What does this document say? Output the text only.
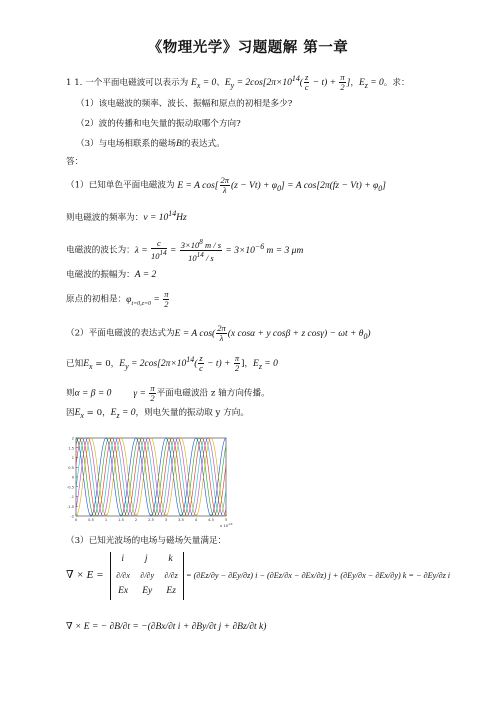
《物理光学》习题题解 第一章
1 1. 一个平面电磁波可以表示为 $E_x = 0$、$E_y = 2\cos[2\pi\times 10^{14}( \frac{z}{c} - t) + \frac{\pi}{2}$ ]，$E_z = 0$。求：
（1）该电磁波的频率、波长、振幅和原点的初相是多少?
（2）波的传播和电矢量的振动取哪个方向?
（3）与电场相联系的磁场B的表达式。
答：
（1）已知单色平面电磁波为 E = A $\cos[ \frac{2\pi}{\lambda} (z - Vt) + \varphi_0] = A$ $\cos[2\pi(fz - Vt) + \varphi_0]$
则电磁波的频率为：$\nu = 10^{14}Hz$
电磁波的波长为：$\lambda = \frac{c}{10^{14}} = \frac{3\times 10^8 m / s}{10^{14} / s} = 3\times 10^{-6}$ m = 3 μm
电磁波的振幅为：A = 2
原点的初相是：$\varphi_{t=0,z=0} = \frac{\pi}{2}$
（2）平面电磁波的表达式为E = A $\cos( \frac{2\pi}{\lambda} (x$ cosα + y cosβ + z $\cos\gamma) - \omega t + \theta_0$)
已知$E_x = 0$，$E_y = 2\cos[2\pi\times 10^{14}( \frac{z}{c} - t) + \frac{\pi}{2}$ ]，$E_z = 0$
则α = β = 0 $\gamma = \frac{\pi}{2}$ 平面电磁波沿 z 轴方向传播。
因$E_x = 0$，$E_z = 0$，则电矢量的振动取 y 方向。
2
1.5
1
0.5
0
-0.5
-1
-1.5
-2
0	0.5	1	1.5	2	2.5	3	3.5	4	4.5	5
x 10 -14
（3）已知光波场的电场与磁场矢量满足：
∇ × E =
i j k
∂/∂x ∂/∂y ∂/∂z
Ex Ey Ez
= (∂Ez/∂y − ∂Ey/∂z) i − (∂Ez/∂x − ∂Ex/∂z) j + (∂Ey/∂x − ∂Ex/∂y) k = − ∂Ey/∂z i
∇ × E = − ∂B/∂t = −(∂Bx/∂t i + ∂By/∂t j + ∂Bz/∂t k)
